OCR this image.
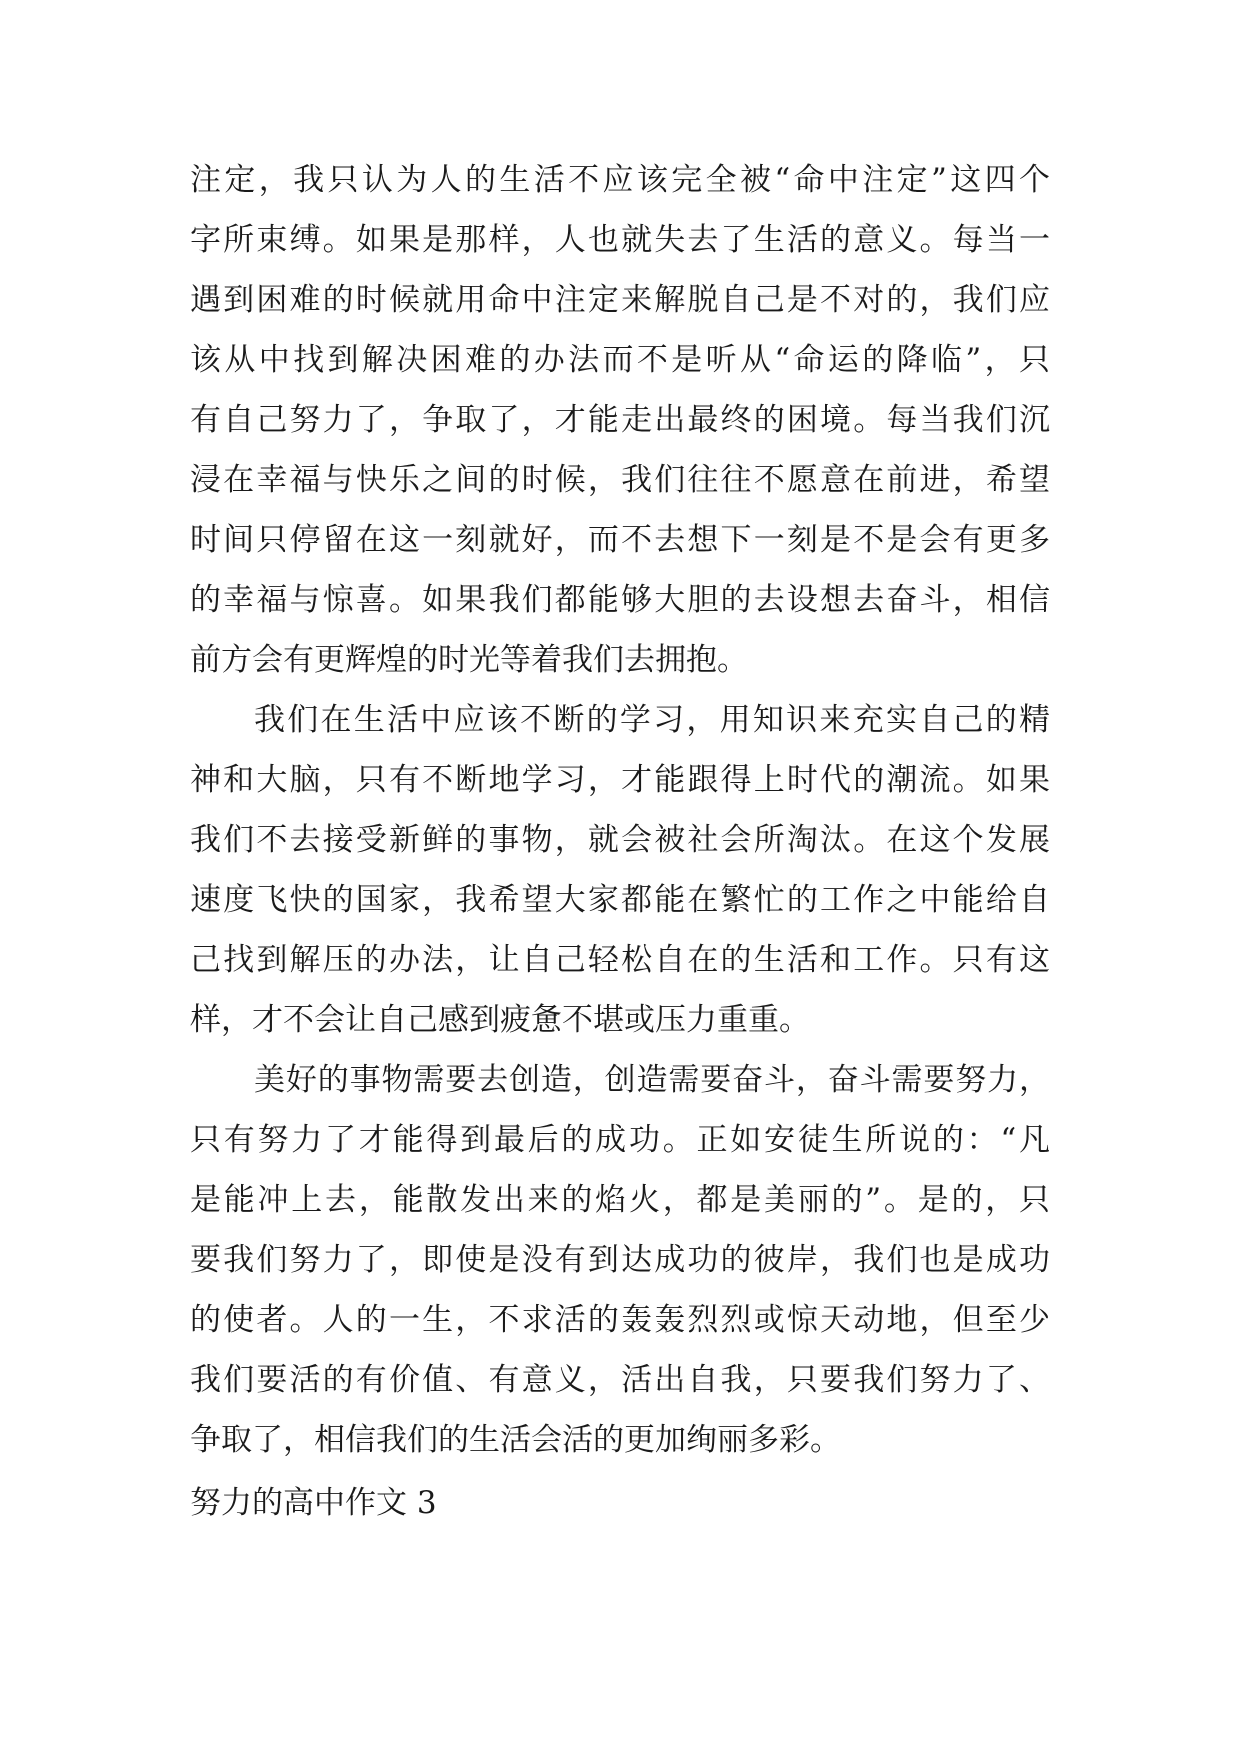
注定，我只认为人的生活不应该完全被“命中注定”这四个
字所束缚。如果是那样，人也就失去了生活的意义。每当一
遇到困难的时候就用命中注定来解脱自己是不对的，我们应
该从中找到解决困难的办法而不是听从“命运的降临”，只
有自己努力了，争取了，才能走出最终的困境。每当我们沉
浸在幸福与快乐之间的时候，我们往往不愿意在前进，希望
时间只停留在这一刻就好，而不去想下一刻是不是会有更多
的幸福与惊喜。如果我们都能够大胆的去设想去奋斗，相信
前方会有更辉煌的时光等着我们去拥抱。
我们在生活中应该不断的学习，用知识来充实自己的精
神和大脑，只有不断地学习，才能跟得上时代的潮流。如果
我们不去接受新鲜的事物，就会被社会所淘汰。在这个发展
速度飞快的国家，我希望大家都能在繁忙的工作之中能给自
己找到解压的办法，让自己轻松自在的生活和工作。只有这
样，才不会让自己感到疲惫不堪或压力重重。
美好的事物需要去创造，创造需要奋斗，奋斗需要努力，
只有努力了才能得到最后的成功。正如安徒生所说的：“凡
是能冲上去，能散发出来的焰火，都是美丽的”。是的，只
要我们努力了，即使是没有到达成功的彼岸，我们也是成功
的使者。人的一生，不求活的轰轰烈烈或惊天动地，但至少
我们要活的有价值、有意义，活出自我，只要我们努力了、
争取了，相信我们的生活会活的更加绚丽多彩。
努力的高中作文 3
